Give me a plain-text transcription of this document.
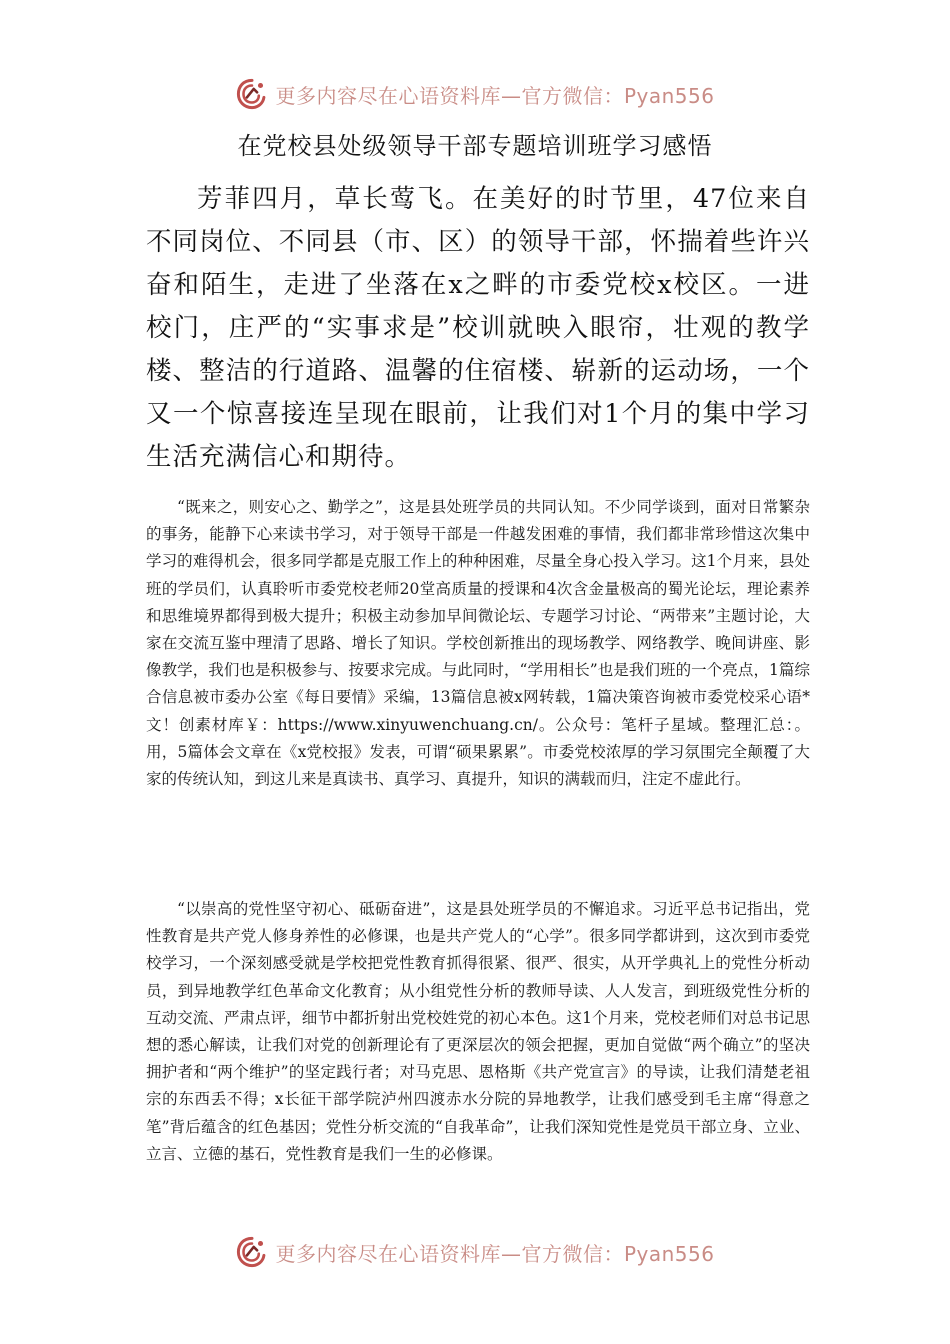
更多内容尽在心语资料库—官方微信：Pyan556
在党校县处级领导干部专题培训班学习感悟

芳菲四月，草长莺飞。在美好的时节里，47位来自不同岗位、不同县（市、区）的领导干部，怀揣着些许兴奋和陌生，走进了坐落在x之畔的市委党校x校区。一进校门，庄严的“实事求是”校训就映入眼帘，壮观的教学楼、整洁的行道路、温馨的住宿楼、崭新的运动场，一个又一个惊喜接连呈现在眼前，让我们对1个月的集中学习生活充满信心和期待。

“既来之，则安心之、勤学之”，这是县处班学员的共同认知。不少同学谈到，面对日常繁杂的事务，能静下心来读书学习，对于领导干部是一件越发困难的事情，我们都非常珍惜这次集中学习的难得机会，很多同学都是克服工作上的种种困难，尽量全身心投入学习。这1个月来，县处班的学员们，认真聆听市委党校老师20堂高质量的授课和4次含金量极高的蜀光论坛，理论素养和思维境界都得到极大提升；积极主动参加早间微论坛、专题学习讨论、“两带来”主题讨论，大家在交流互鉴中理清了思路、增长了知识。学校创新推出的现场教学、网络教学、晚间讲座、影像教学，我们也是积极参与、按要求完成。与此同时，“学用相长”也是我们班的一个亮点，1篇综合信息被市委办公室《每日要情》采编，13篇信息被x网转载，1篇决策咨询被市委党校采心语*文！创素材库￥：https://www.xinyuwenchuang.cn/。公众号：笔杆子星域。整理汇总：。用，5篇体会文章在《x党校报》发表，可谓“硕果累累”。市委党校浓厚的学习氛围完全颠覆了大家的传统认知，到这儿来是真读书、真学习、真提升，知识的满载而归，注定不虚此行。

“以崇高的党性坚守初心、砥砺奋进”，这是县处班学员的不懈追求。习近平总书记指出，党性教育是共产党人修身养性的必修课，也是共产党人的“心学”。很多同学都讲到，这次到市委党校学习，一个深刻感受就是学校把党性教育抓得很紧、很严、很实，从开学典礼上的党性分析动员，到异地教学红色革命文化教育；从小组党性分析的教师导读、人人发言，到班级党性分析的互动交流、严肃点评，细节中都折射出党校姓党的初心本色。这1个月来，党校老师们对总书记思想的悉心解读，让我们对党的创新理论有了更深层次的领会把握，更加自觉做“两个确立”的坚决拥护者和“两个维护”的坚定践行者；对马克思、恩格斯《共产党宣言》的导读，让我们清楚老祖宗的东西丢不得；x长征干部学院泸州四渡赤水分院的异地教学，让我们感受到毛主席“得意之笔”背后蕴含的红色基因；党性分析交流的“自我革命”，让我们深知党性是党员干部立身、立业、立言、立德的基石，党性教育是我们一生的必修课。

更多内容尽在心语资料库—官方微信：Pyan556
